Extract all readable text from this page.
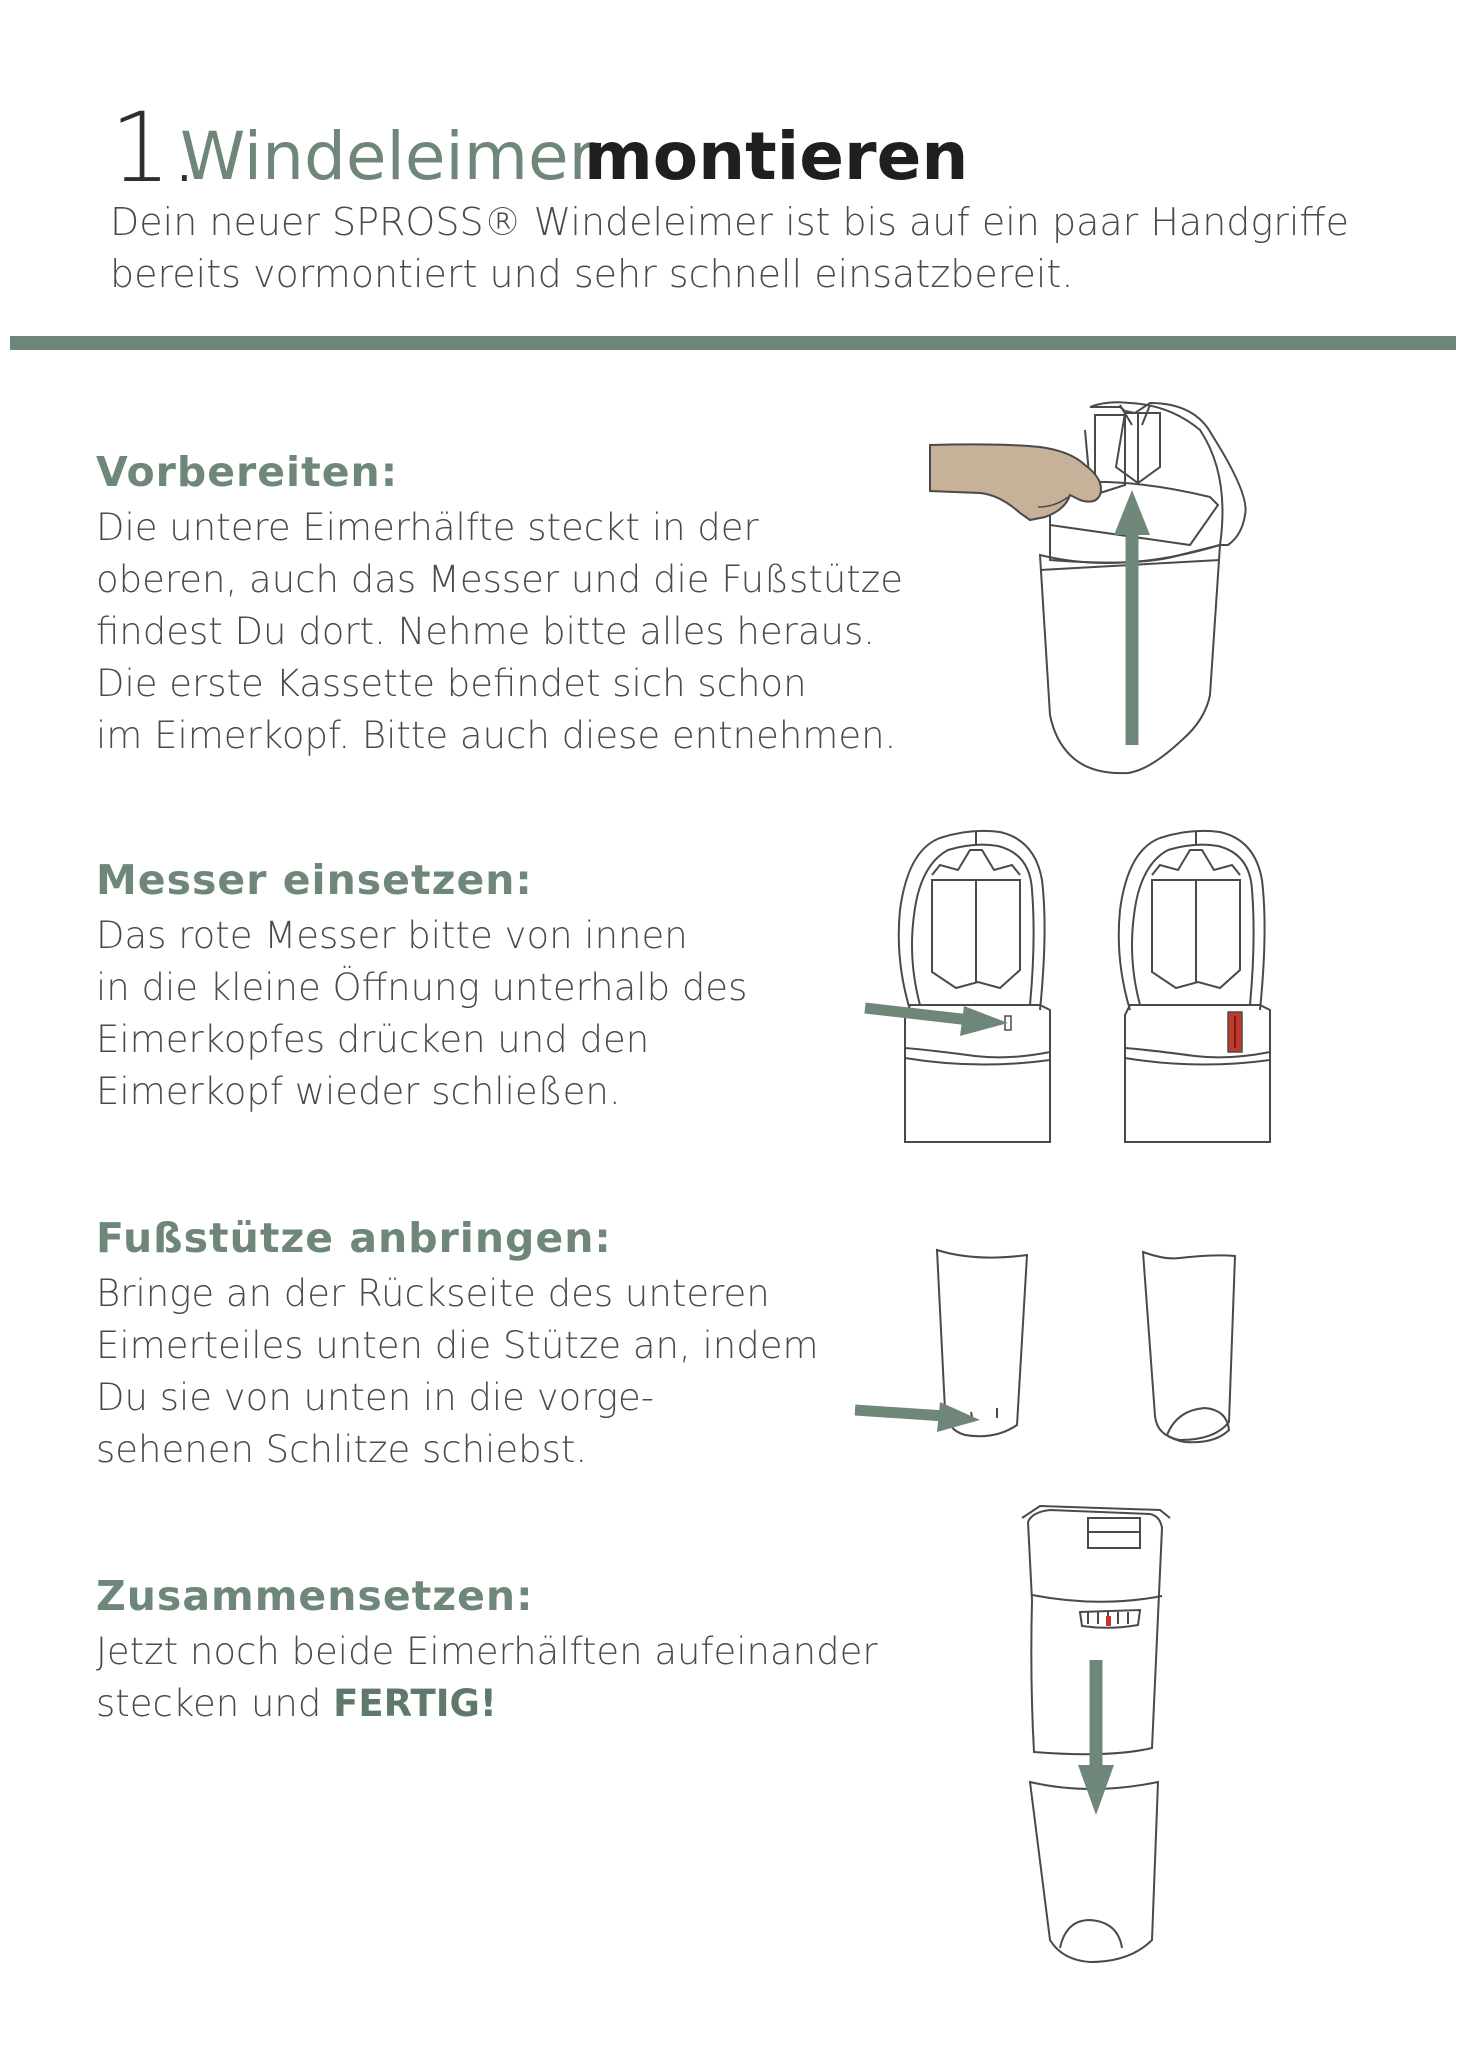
1.
Windeleimer
montieren
Dein neuer SPROSS® Windeleimer ist bis auf ein paar Handgriffe
bereits vormontiert und sehr schnell einsatzbereit.
Vorbereiten:
Die untere Eimerhälfte steckt in der
oberen, auch das Messer und die Fußstütze
findest Du dort. Nehme bitte alles heraus.
Die erste Kassette befindet sich schon
im Eimerkopf. Bitte auch diese entnehmen.
Messer einsetzen:
Das rote Messer bitte von innen
in die kleine Öffnung unterhalb des
Eimerkopfes drücken und den
Eimerkopf wieder schließen.
Fußstütze anbringen:
Bringe an der Rückseite des unteren
Eimerteiles unten die Stütze an, indem
Du sie von unten in die vorge-
sehenen Schlitze schiebst.
Zusammensetzen:
Jetzt noch beide Eimerhälften aufeinander
stecken und FERTIG!
